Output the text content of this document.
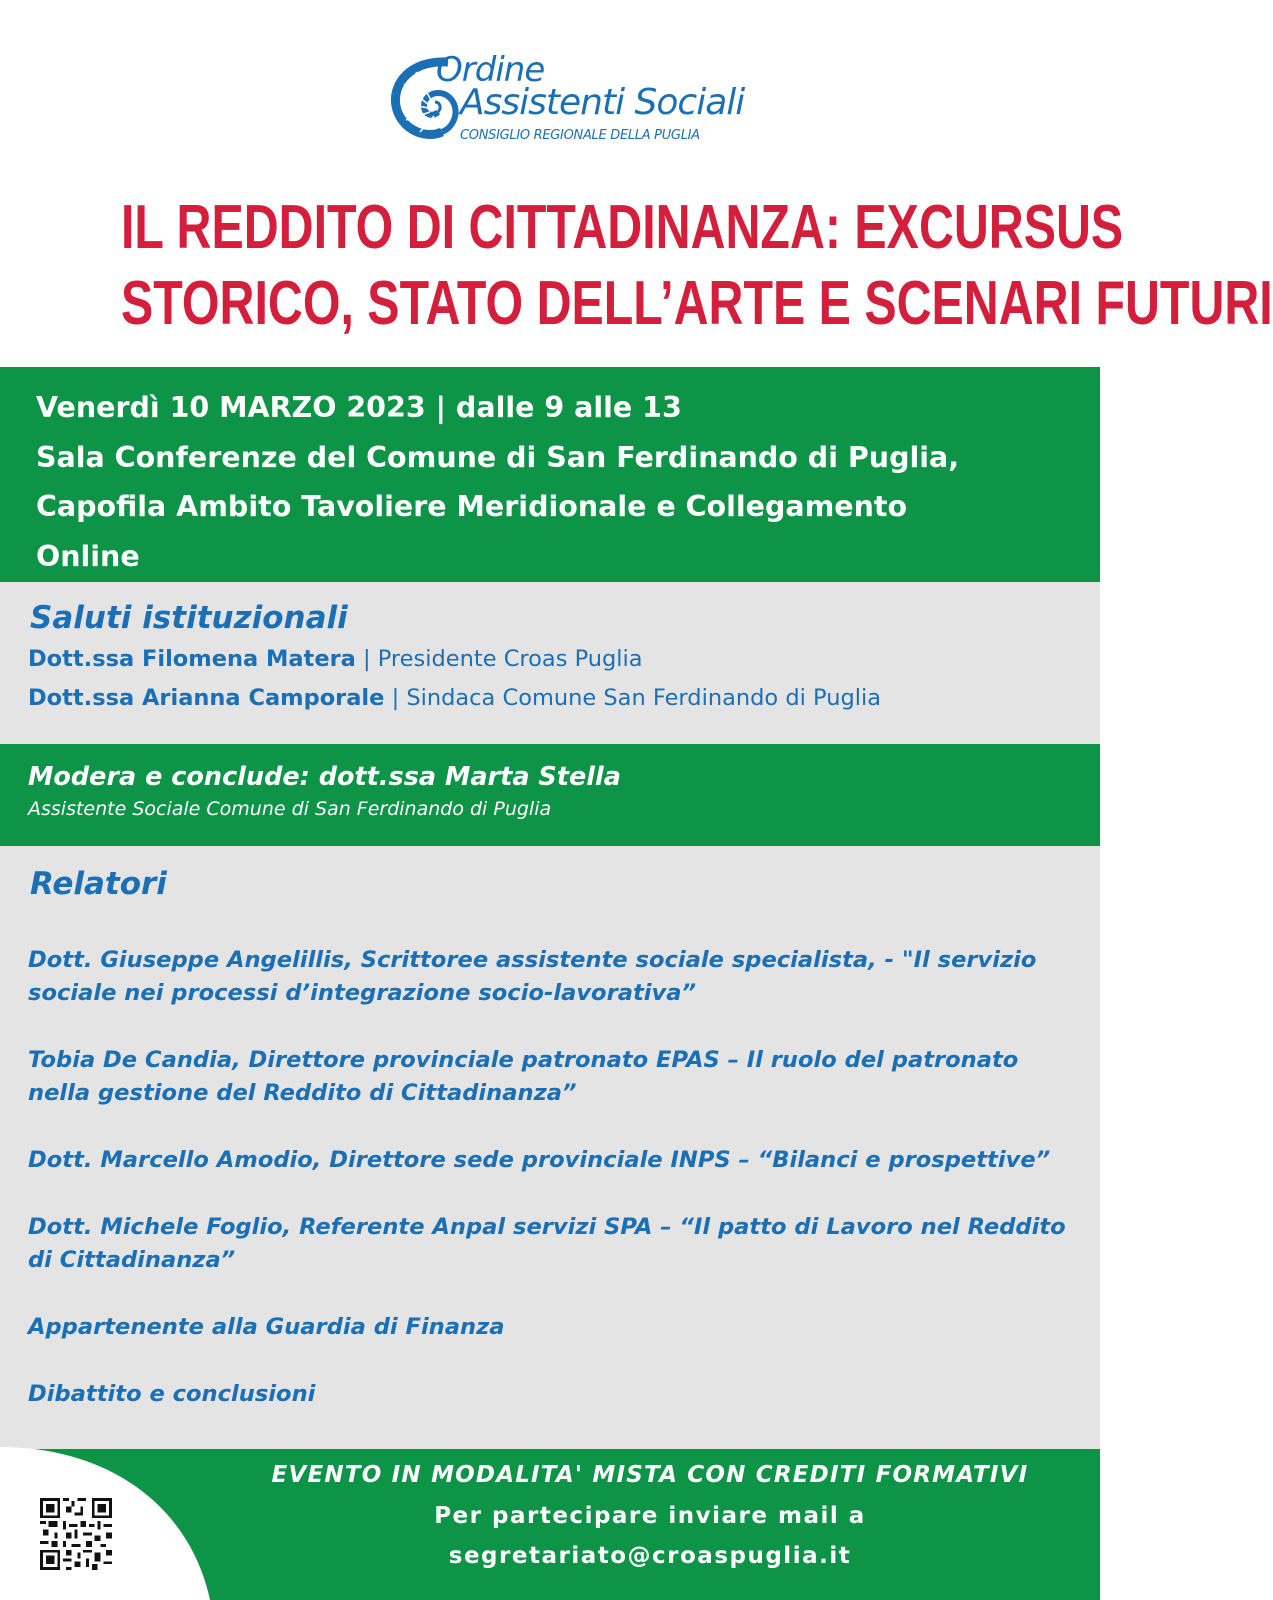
Ordine
Assistenti Sociali
CONSIGLIO REGIONALE DELLA PUGLIA
IL REDDITO DI CITTADINANZA: EXCURSUS
STORICO, STATO DELL’ARTE E SCENARI FUTURI
Venerdì 10 MARZO 2023 | dalle 9 alle 13
Sala Conferenze del Comune di San Ferdinando di Puglia,
Capofila Ambito Tavoliere Meridionale e Collegamento
Online
Saluti istituzionali
Dott.ssa Filomena Matera | Presidente Croas Puglia
Dott.ssa Arianna Camporale | Sindaca Comune San Ferdinando di Puglia
Modera e conclude: dott.ssa Marta Stella
Assistente Sociale Comune di San Ferdinando di Puglia
Relatori
Dott. Giuseppe Angelillis, Scrittoree assistente sociale specialista, - "Il servizio sociale nei processi d’integrazione socio-lavorativa”
Tobia De Candia, Direttore provinciale patronato EPAS – Il ruolo del patronato nella gestione del Reddito di Cittadinanza”
Dott. Marcello Amodio, Direttore sede provinciale INPS – “Bilanci e prospettive”
Dott. Michele Foglio, Referente Anpal servizi SPA – “Il patto di Lavoro nel Reddito di Cittadinanza”
Appartenente alla Guardia di Finanza
Dibattito e conclusioni
EVENTO IN MODALITA' MISTA CON CREDITI FORMATIVI
Per partecipare inviare mail a
segretariato@croaspuglia.it
